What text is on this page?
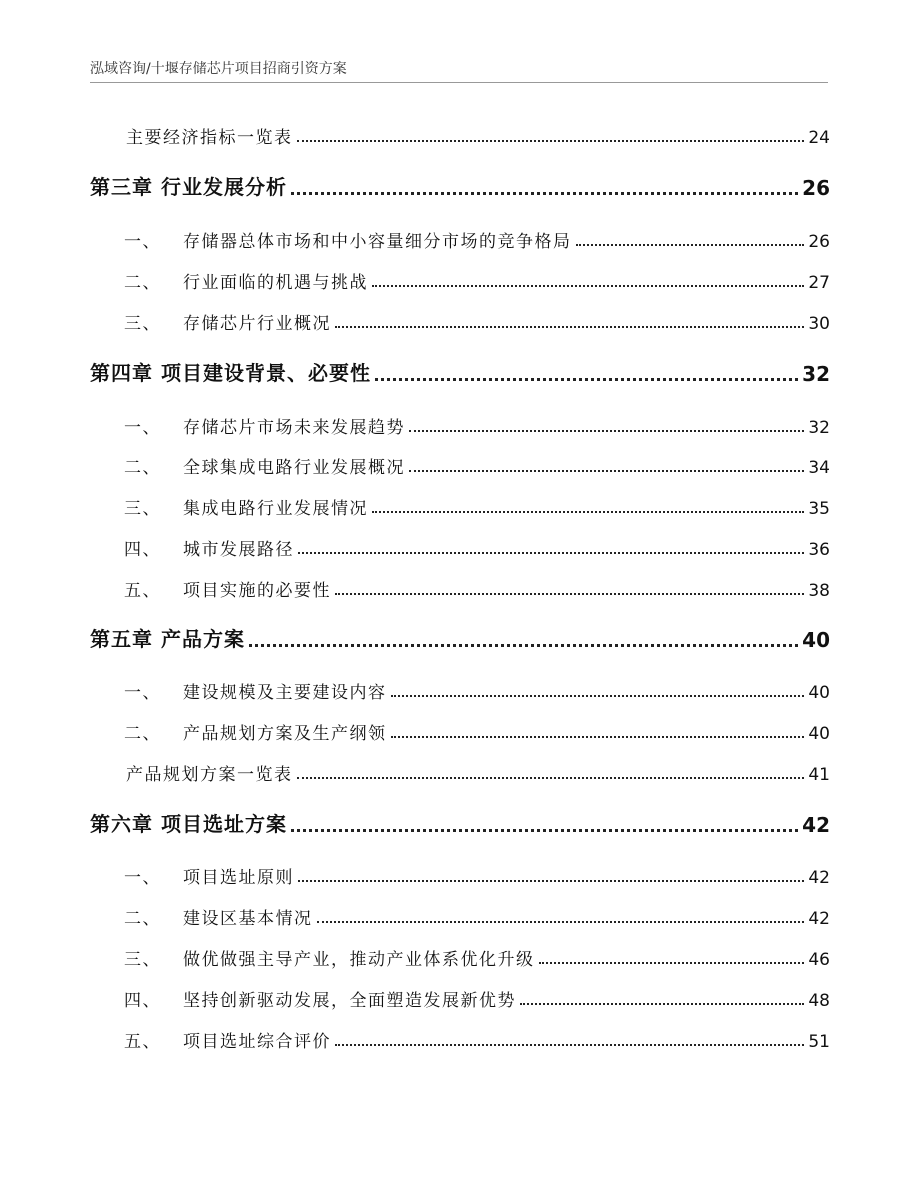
泓域咨询/十堰存储芯片项目招商引资方案
主要经济指标一览表	24
第三章 行业发展分析	26
一、 存储器总体市场和中小容量细分市场的竞争格局	26
二、 行业面临的机遇与挑战	27
三、 存储芯片行业概况	30
第四章 项目建设背景、必要性	32
一、 存储芯片市场未来发展趋势	32
二、 全球集成电路行业发展概况	34
三、 集成电路行业发展情况	35
四、 城市发展路径	36
五、 项目实施的必要性	38
第五章 产品方案	40
一、 建设规模及主要建设内容	40
二、 产品规划方案及生产纲领	40
产品规划方案一览表	41
第六章 项目选址方案	42
一、 项目选址原则	42
二、 建设区基本情况	42
三、 做优做强主导产业，推动产业体系优化升级	46
四、 坚持创新驱动发展，全面塑造发展新优势	48
五、 项目选址综合评价	51
